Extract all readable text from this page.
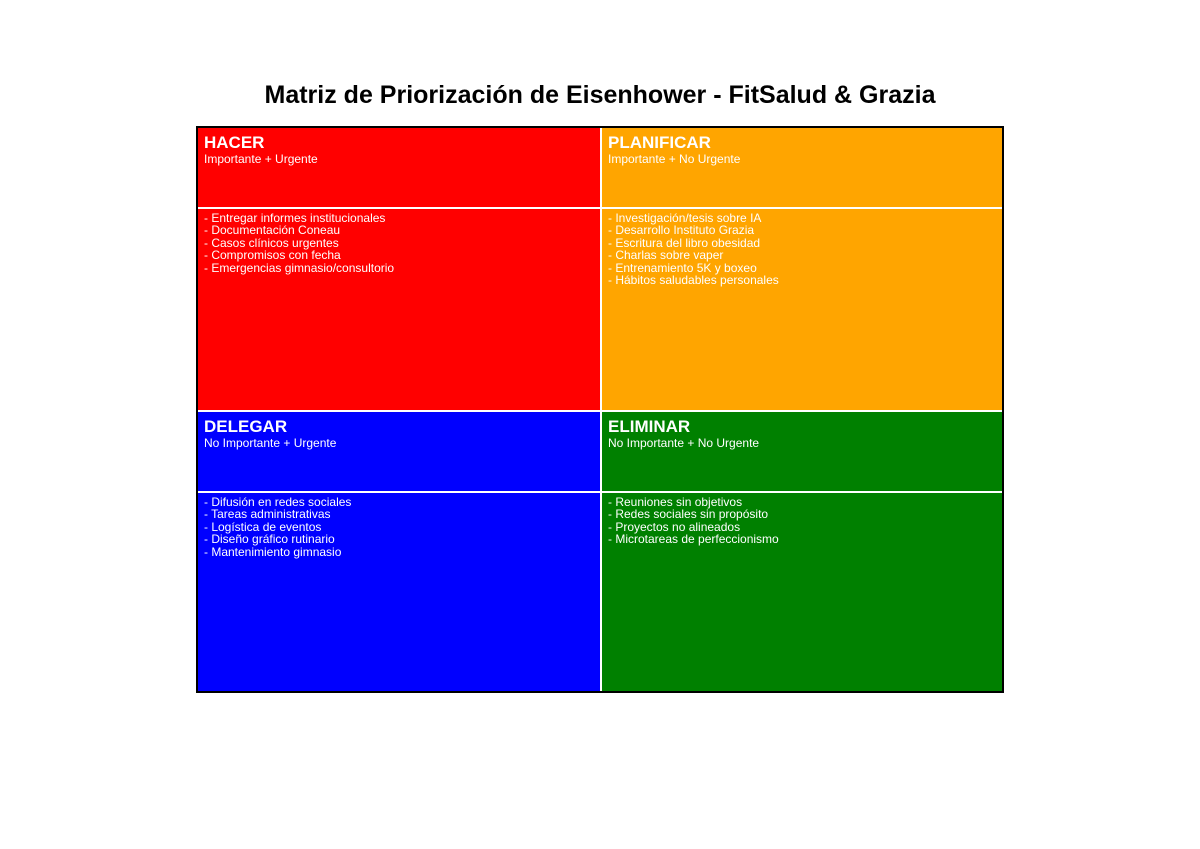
Matriz de Priorización de Eisenhower - FitSalud & Grazia
HACER
Importante + Urgente
- Entregar informes institucionales
- Documentación Coneau
- Casos clínicos urgentes
- Compromisos con fecha
- Emergencias gimnasio/consultorio
PLANIFICAR
Importante + No Urgente
- Investigación/tesis sobre IA
- Desarrollo Instituto Grazia
- Escritura del libro obesidad
- Charlas sobre vaper
- Entrenamiento 5K y boxeo
- Hábitos saludables personales
DELEGAR
No Importante + Urgente
- Difusión en redes sociales
- Tareas administrativas
- Logística de eventos
- Diseño gráfico rutinario
- Mantenimiento gimnasio
ELIMINAR
No Importante + No Urgente
- Reuniones sin objetivos
- Redes sociales sin propósito
- Proyectos no alineados
- Microtareas de perfeccionismo
